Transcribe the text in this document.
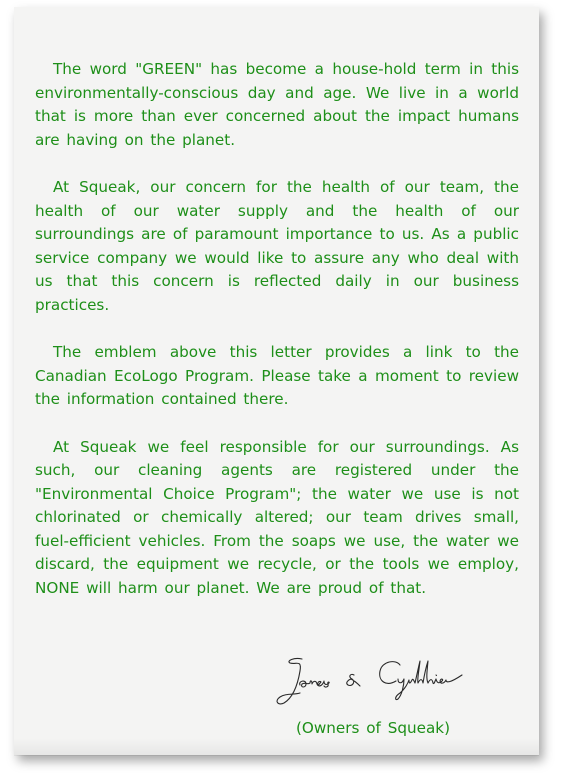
The word "GREEN" has become a house-hold term in this environmentally-conscious day and age. We live in a world that is more than ever concerned about the impact humans are having on the planet.

At Squeak, our concern for the health of our team, the health of our water supply and the health of our surroundings are of paramount importance to us. As a public service company we would like to assure any who deal with us that this concern is reflected daily in our business practices.

The emblem above this letter provides a link to the Canadian EcoLogo Program. Please take a moment to review the information contained there.

At Squeak we feel responsible for our surroundings. As such, our cleaning agents are registered under the "Environmental Choice Program"; the water we use is not chlorinated or chemically altered; our team drives small, fuel-efficient vehicles. From the soaps we use, the water we discard, the equipment we recycle, or the tools we employ, NONE will harm our planet. We are proud of that.

(Owners of Squeak)
